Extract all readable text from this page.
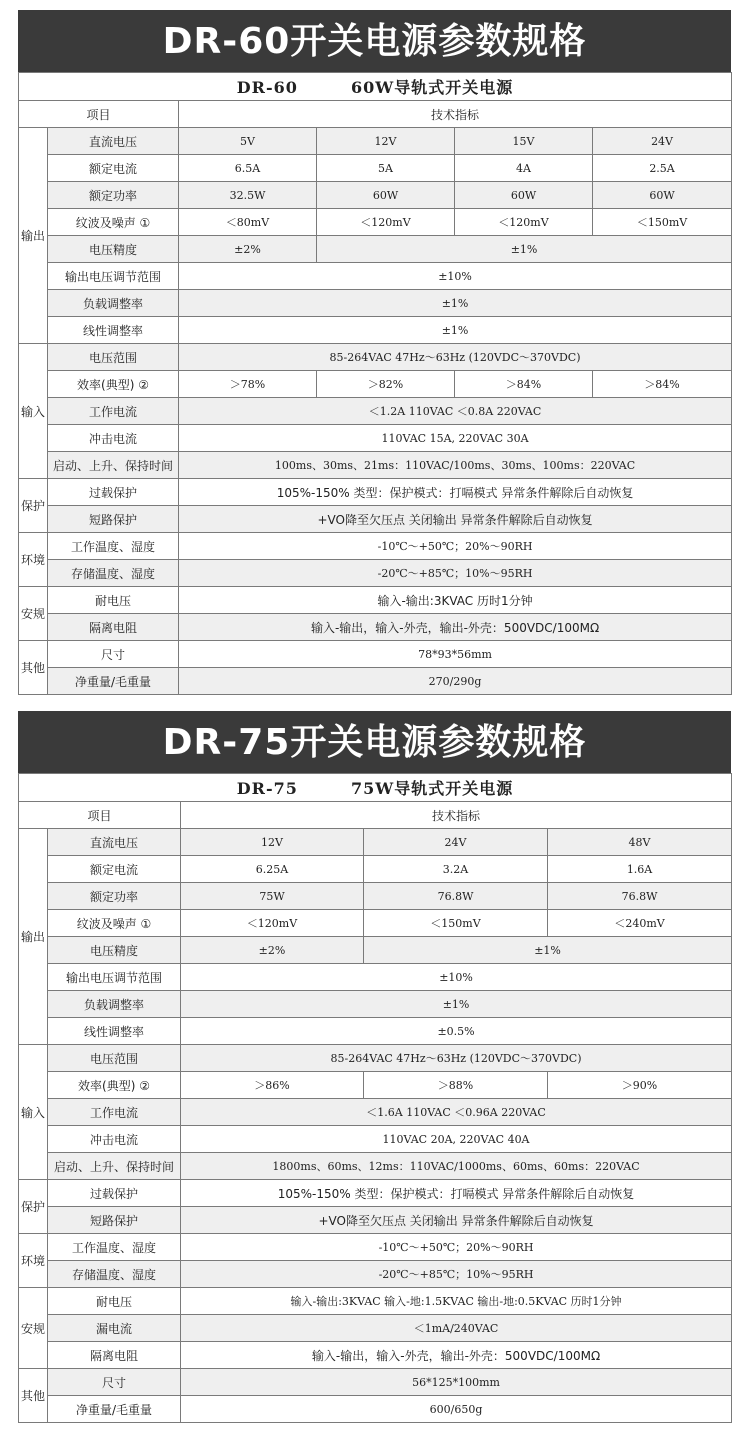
DR-60开关电源参数规格
DR-60 60W导轨式开关电源					
项目		技术指标			
输出	直流电压	5V	12V	15V	24V
	额定电流	6.5A	5A	4A	2.5A
	额定功率	32.5W	60W	60W	60W
	纹波及噪声 ①	＜80mV	＜120mV	＜120mV	＜150mV
	电压精度	±2%	±1%		
	输出电压调节范围	±10%			
	负载调整率	±1%			
	线性调整率	±1%			
输入	电压范围	85-264VAC 47Hz～63Hz (120VDC～370VDC)			
	效率(典型) ②	＞78%	＞82%	＞84%	＞84%
	工作电流	＜1.2A 110VAC ＜0.8A 220VAC			
	冲击电流	110VAC 15A, 220VAC 30A			
	启动、上升、保持时间	100ms、30ms、21ms：110VAC/100ms、30ms、100ms：220VAC			
保护	过载保护	105%-150% 类型：保护模式：打嗝模式 异常条件解除后自动恢复			
	短路保护	+VO降至欠压点 关闭输出 异常条件解除后自动恢复			
环境	工作温度、湿度	-10℃～+50℃；20%～90RH			
	存储温度、湿度	-20℃～+85℃；10%～95RH			
安规	耐电压	输入-输出:3KVAC 历时1分钟			
	隔离电阻	输入-输出，输入-外壳，输出-外壳：500VDC/100MΩ			
其他	尺寸	78*93*56mm			
	净重量/毛重量	270/290g			
DR-75开关电源参数规格
DR-75 75W导轨式开关电源				
项目		技术指标		
输出	直流电压	12V	24V	48V
	额定电流	6.25A	3.2A	1.6A
	额定功率	75W	76.8W	76.8W
	纹波及噪声 ①	＜120mV	＜150mV	＜240mV
	电压精度	±2%	±1%	
	输出电压调节范围	±10%		
	负载调整率	±1%		
	线性调整率	±0.5%		
输入	电压范围	85-264VAC 47Hz～63Hz (120VDC～370VDC)		
	效率(典型) ②	＞86%	＞88%	＞90%
	工作电流	＜1.6A 110VAC ＜0.96A 220VAC		
	冲击电流	110VAC 20A, 220VAC 40A		
	启动、上升、保持时间	1800ms、60ms、12ms：110VAC/1000ms、60ms、60ms：220VAC		
保护	过载保护	105%-150% 类型：保护模式：打嗝模式 异常条件解除后自动恢复		
	短路保护	+VO降至欠压点 关闭输出 异常条件解除后自动恢复		
环境	工作温度、湿度	-10℃～+50℃；20%～90RH		
	存储温度、湿度	-20℃～+85℃；10%～95RH		
安规	耐电压	输入-输出:3KVAC 输入-地:1.5KVAC 输出-地:0.5KVAC 历时1分钟		
	漏电流	＜1mA/240VAC		
	隔离电阻	输入-输出，输入-外壳，输出-外壳：500VDC/100MΩ		
其他	尺寸	56*125*100mm		
	净重量/毛重量	600/650g		
